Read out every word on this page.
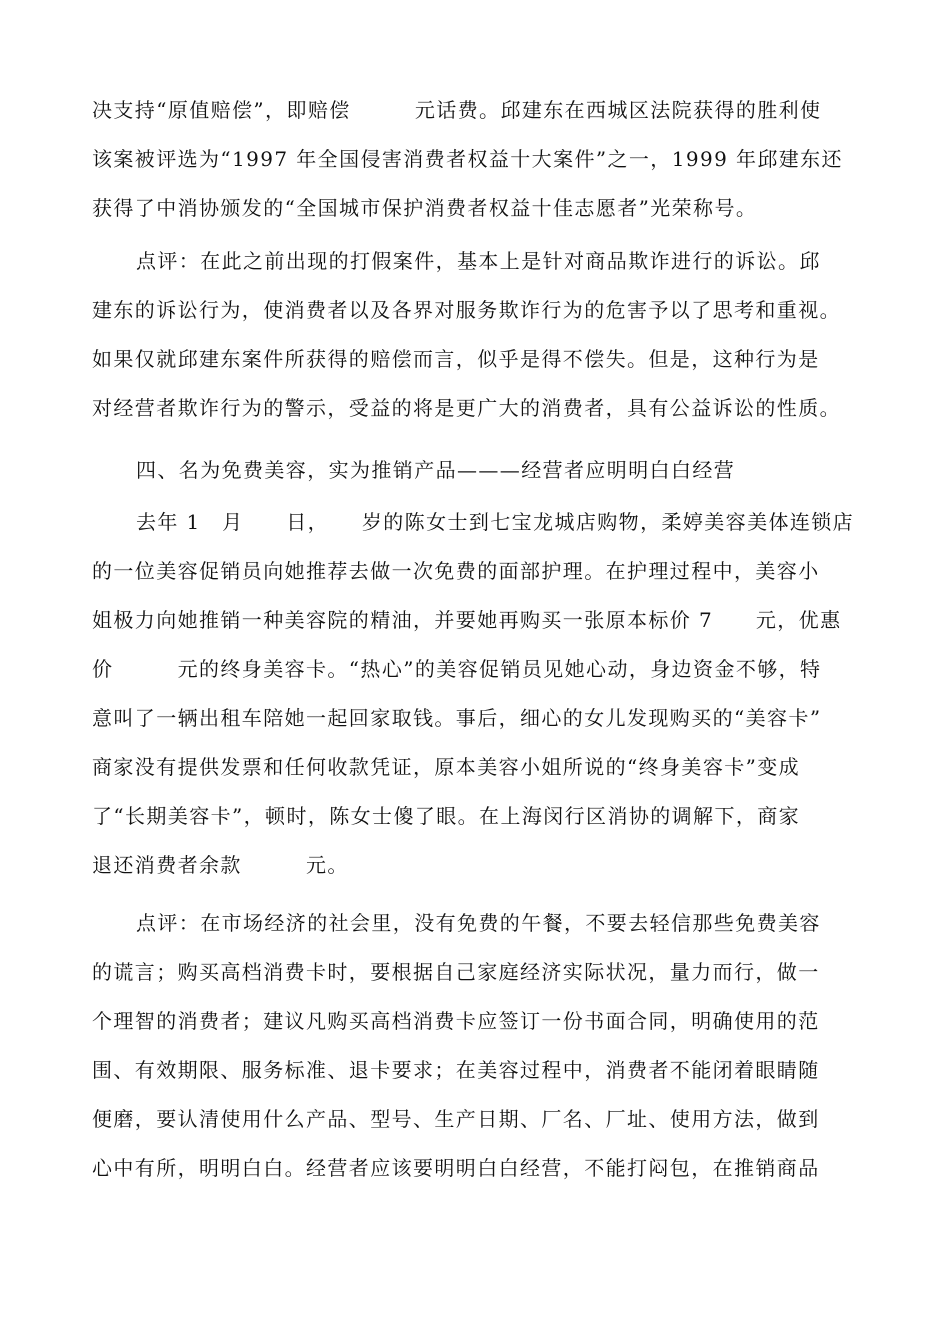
决支持“原值赔偿”，即赔偿　　　元话费。邱建东在西城区法院获得的胜利使
该案被评选为“1997 年全国侵害消费者权益十大案件”之一，1999 年邱建东还
获得了中消协颁发的“全国城市保护消费者权益十佳志愿者”光荣称号。
点评：在此之前出现的打假案件，基本上是针对商品欺诈进行的诉讼。邱
建东的诉讼行为，使消费者以及各界对服务欺诈行为的危害予以了思考和重视。
如果仅就邱建东案件所获得的赔偿而言，似乎是得不偿失。但是，这种行为是
对经营者欺诈行为的警示，受益的将是更广大的消费者，具有公益诉讼的性质。
四、名为免费美容，实为推销产品———经营者应明明白白经营
去年 1　月　　日，　　岁的陈女士到七宝龙城店购物，柔婷美容美体连锁店
的一位美容促销员向她推荐去做一次免费的面部护理。在护理过程中，美容小
姐极力向她推销一种美容院的精油，并要她再购买一张原本标价 7　　元，优惠
价　　　元的终身美容卡。“热心”的美容促销员见她心动，身边资金不够，特
意叫了一辆出租车陪她一起回家取钱。事后，细心的女儿发现购买的“美容卡”
商家没有提供发票和任何收款凭证，原本美容小姐所说的“终身美容卡”变成
了“长期美容卡”，顿时，陈女士傻了眼。在上海闵行区消协的调解下，商家
退还消费者余款　　　元。
点评：在市场经济的社会里，没有免费的午餐，不要去轻信那些免费美容
的谎言；购买高档消费卡时，要根据自己家庭经济实际状况，量力而行，做一
个理智的消费者；建议凡购买高档消费卡应签订一份书面合同，明确使用的范
围、有效期限、服务标准、退卡要求；在美容过程中，消费者不能闭着眼睛随
便磨，要认清使用什么产品、型号、生产日期、厂名、厂址、使用方法，做到
心中有所，明明白白。经营者应该要明明白白经营，不能打闷包，在推销商品
